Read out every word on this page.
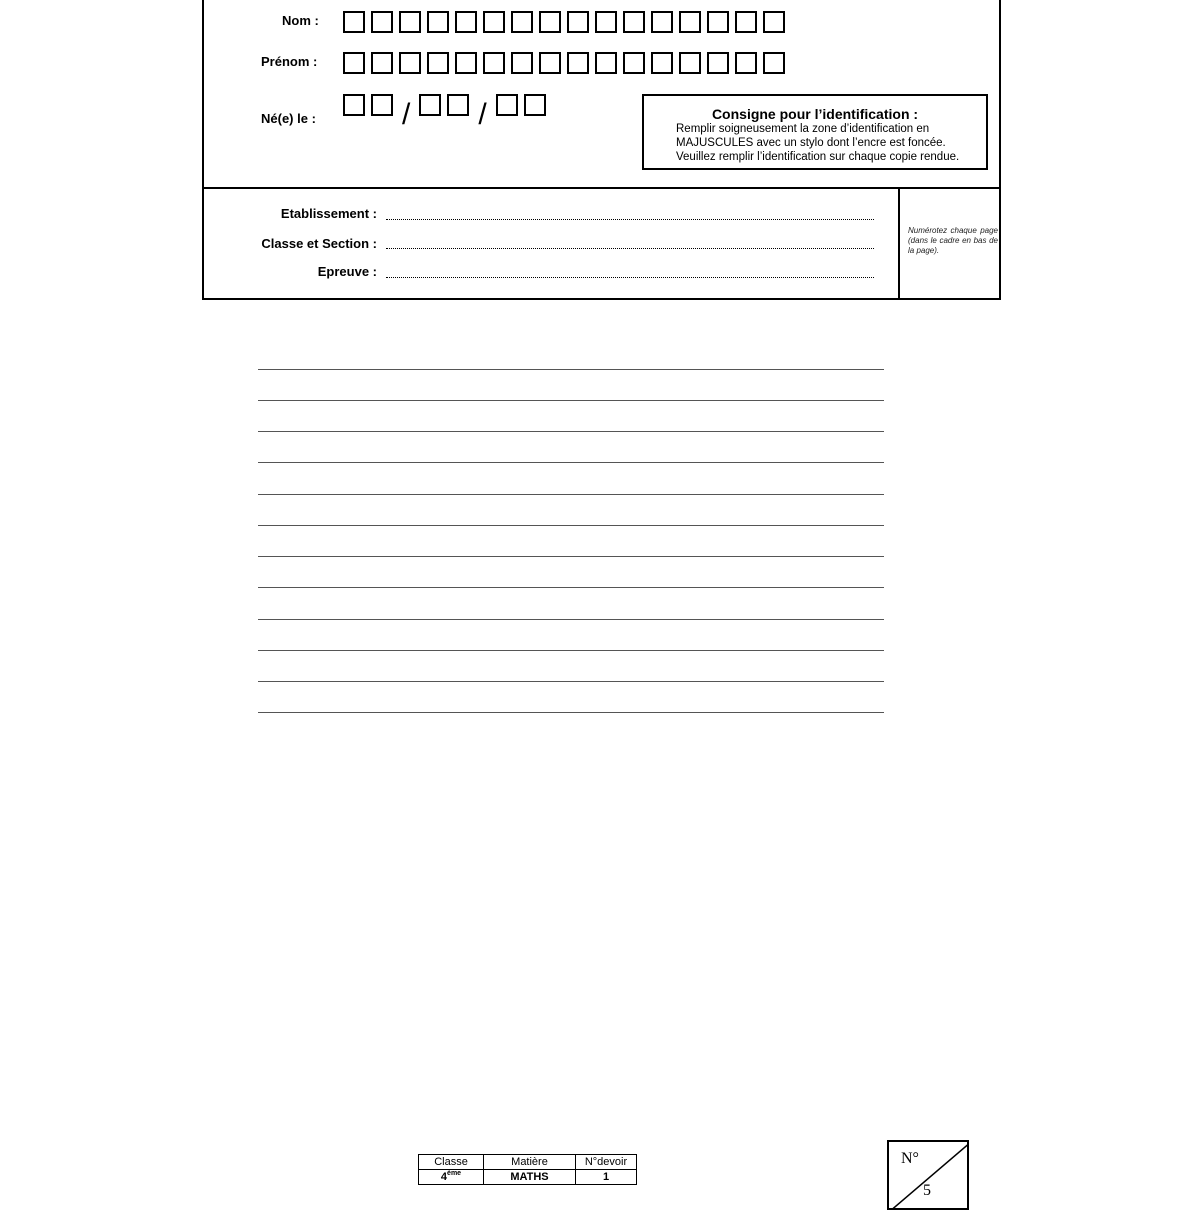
Nom :
Prénom :
Né(e) le :	/ /	Consigne pour l’identification :
Remplir soigneusement la zone d’identification en
MAJUSCULES avec un stylo dont l’encre est foncée.
Veuillez remplir l’identification sur chaque copie rendue.
Etablissement :
Classe et Section :
Epreuve :
Numérotez chaque page (dans le cadre en bas de la page).
Classe	Matière	N°devoir
4ème	MATHS	1
N°
5
